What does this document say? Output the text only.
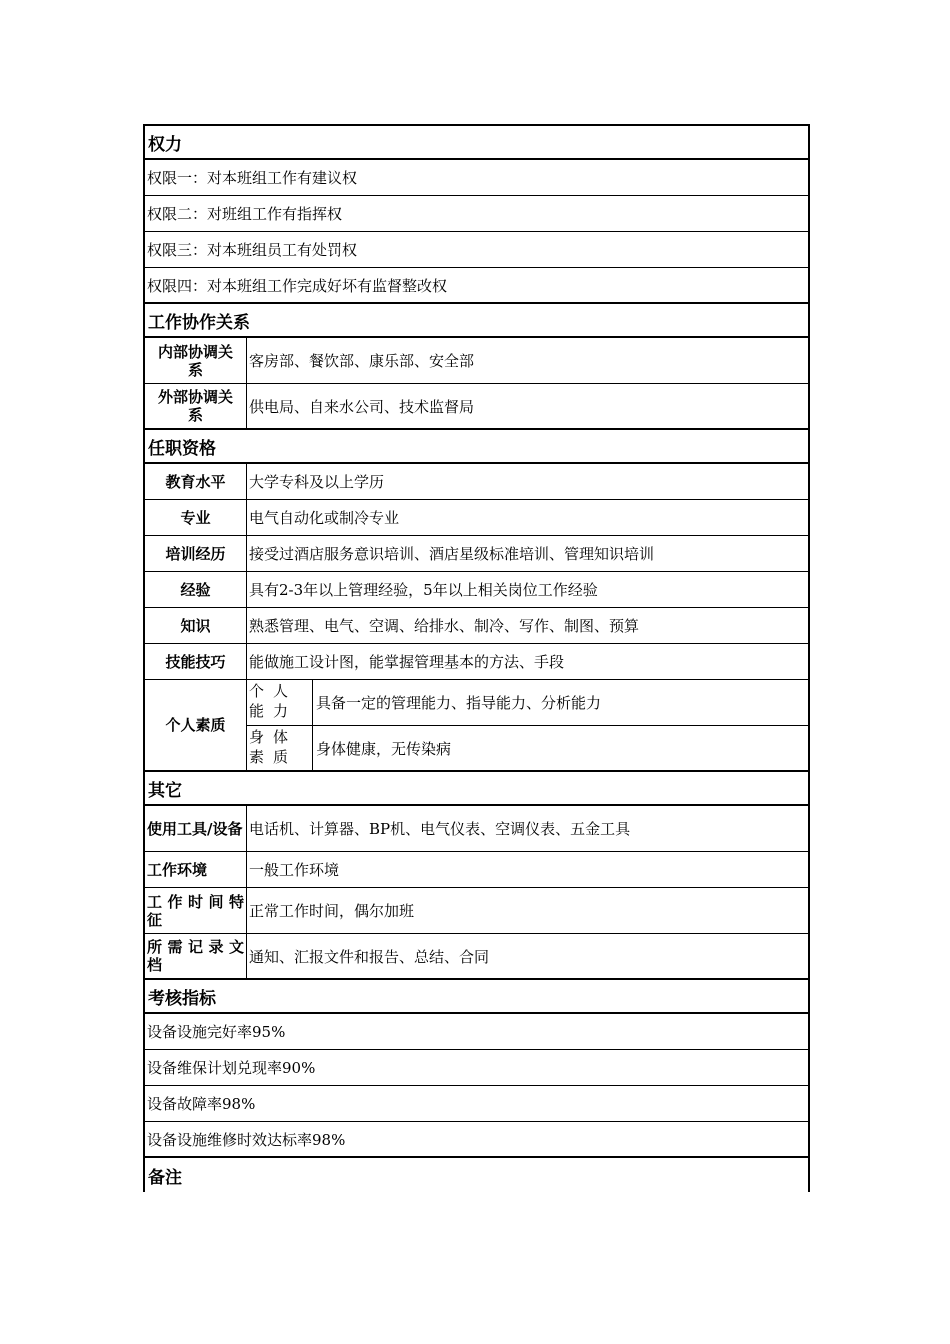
权力
权限一：对本班组工作有建议权
权限二：对班组工作有指挥权
权限三：对本班组员工有处罚权
权限四：对本班组工作完成好坏有监督整改权
工作协作关系
内部协调关系	客房部、餐饮部、康乐部、安全部
外部协调关系	供电局、自来水公司、技术监督局
任职资格
教育水平	大学专科及以上学历
专业	电气自动化或制冷专业
培训经历	接受过酒店服务意识培训、酒店星级标准培训、管理知识培训
经验	具有2-3年以上管理经验，5年以上相关岗位工作经验
知识	熟悉管理、电气、空调、给排水、制冷、写作、制图、预算
技能技巧	能做施工设计图，能掌握管理基本的方法、手段
个人素质
个人能力	具备一定的管理能力、指导能力、分析能力
身体素质	身体健康，无传染病
其它
使用工具/设备 电话机、计算器、BP机、电气仪表、空调仪表、五金工具
工作环境	一般工作环境
工作时间特征	正常工作时间，偶尔加班
所需记录文档	通知、汇报文件和报告、总结、合同
考核指标
设备设施完好率95%
设备维保计划兑现率90%
设备故障率98%
设备设施维修时效达标率98%
备注
